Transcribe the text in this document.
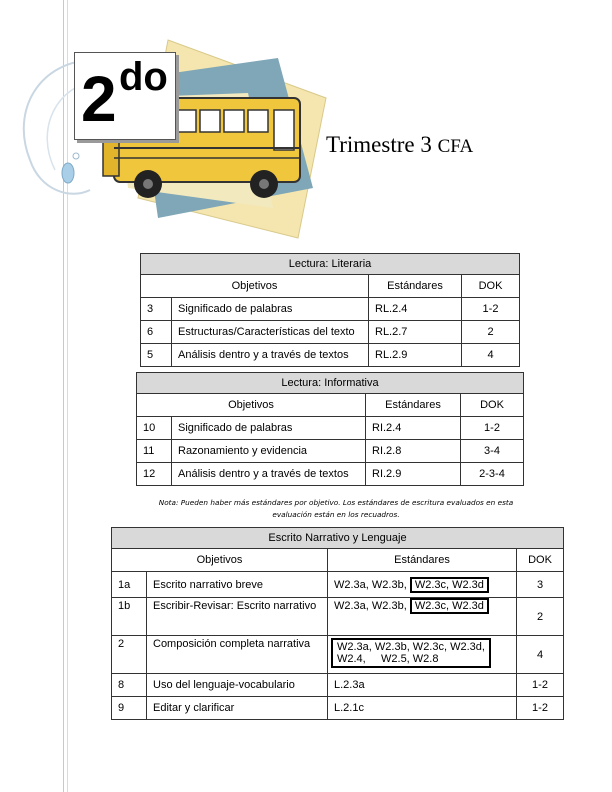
2 do
Trimestre 3 CFA
Lectura: Literaria			
Objetivos		Estándares	DOK
3	Significado de palabras	RL.2.4	1-2
6	Estructuras/Características del texto	RL.2.7	2
5	Análisis dentro y a través de textos	RL.2.9	4
Lectura: Informativa			
Objetivos		Estándares	DOK
10	Significado de palabras	RI.2.4	1-2
11	Razonamiento y evidencia	RI.2.8	3-4
12	Análisis dentro y a través de textos	RI.2.9	2-3-4
Nota: Pueden haber más estándares por objetivo. Los estándares de escritura evaluados en esta
evaluación están en los recuadros.
Escrito Narrativo y Lenguaje			
Objetivos		Estándares	DOK
1a	Escrito narrativo breve	W2.3a, W2.3b, W2.3c, W2.3d	3
1b	Escribir-Revisar: Escrito narrativo	W2.3a, W2.3b, W2.3c, W2.3d	2
2	Composición completa narrativa	W2.3a, W2.3b, W2.3c, W2.3d,
W2.4,     W2.5, W2.8	4
8	Uso del lenguaje-vocabulario	L.2.3a	1-2
9	Editar y clarificar	L.2.1c	1-2
